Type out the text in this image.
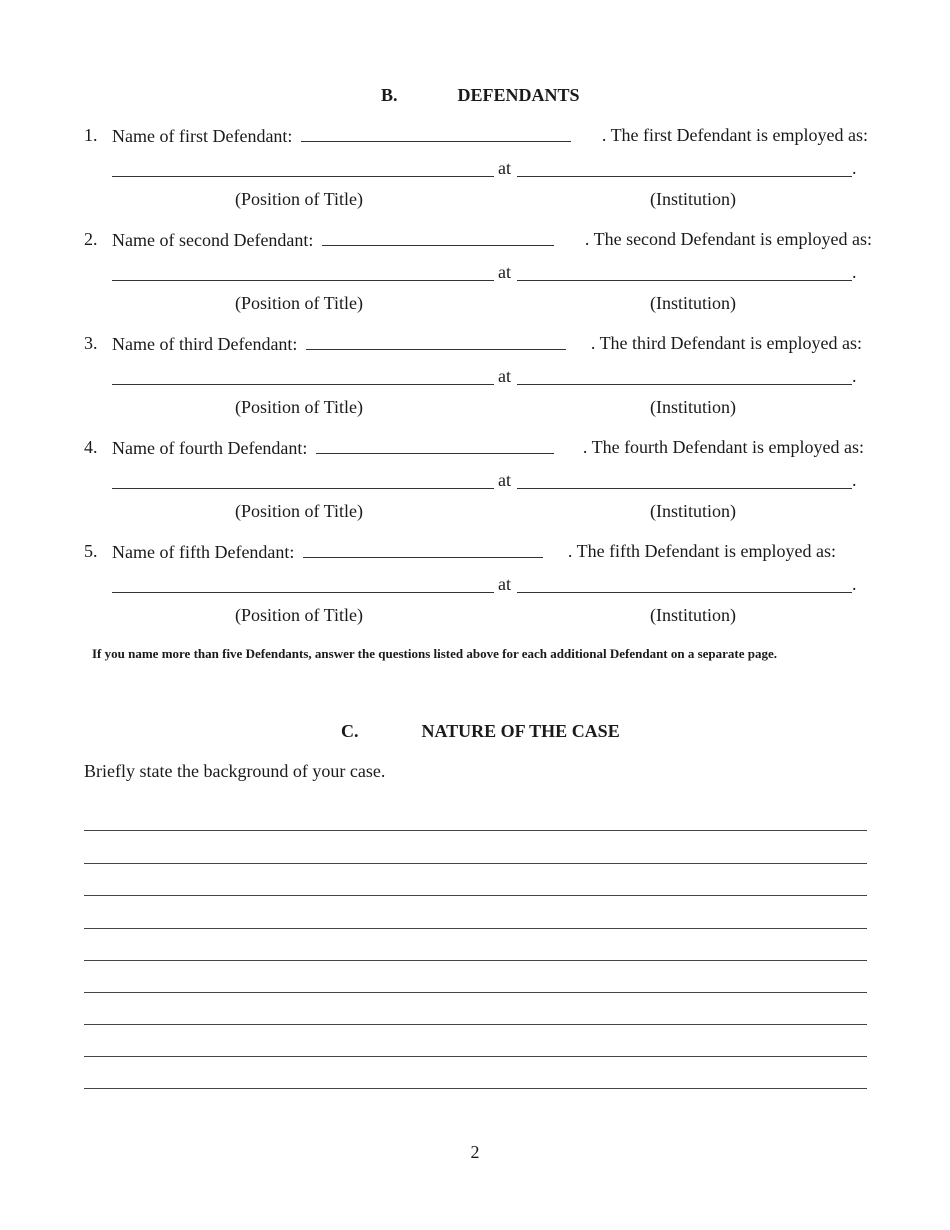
B.	DEFENDANTS
1. Name of first Defendant:	. The first Defendant is employed as:
at	.
(Position of Title)	(Institution)
2. Name of second Defendant:	. The second Defendant is employed as:
at	.
(Position of Title)	(Institution)
3. Name of third Defendant:	. The third Defendant is employed as:
at	.
(Position of Title)	(Institution)
4. Name of fourth Defendant:	. The fourth Defendant is employed as:
at	.
(Position of Title)	(Institution)
5. Name of fifth Defendant:	. The fifth Defendant is employed as:
at	.
(Position of Title)	(Institution)
If you name more than five Defendants, answer the questions listed above for each additional Defendant on a separate page.
C.	NATURE OF THE CASE
Briefly state the background of your case.
2
